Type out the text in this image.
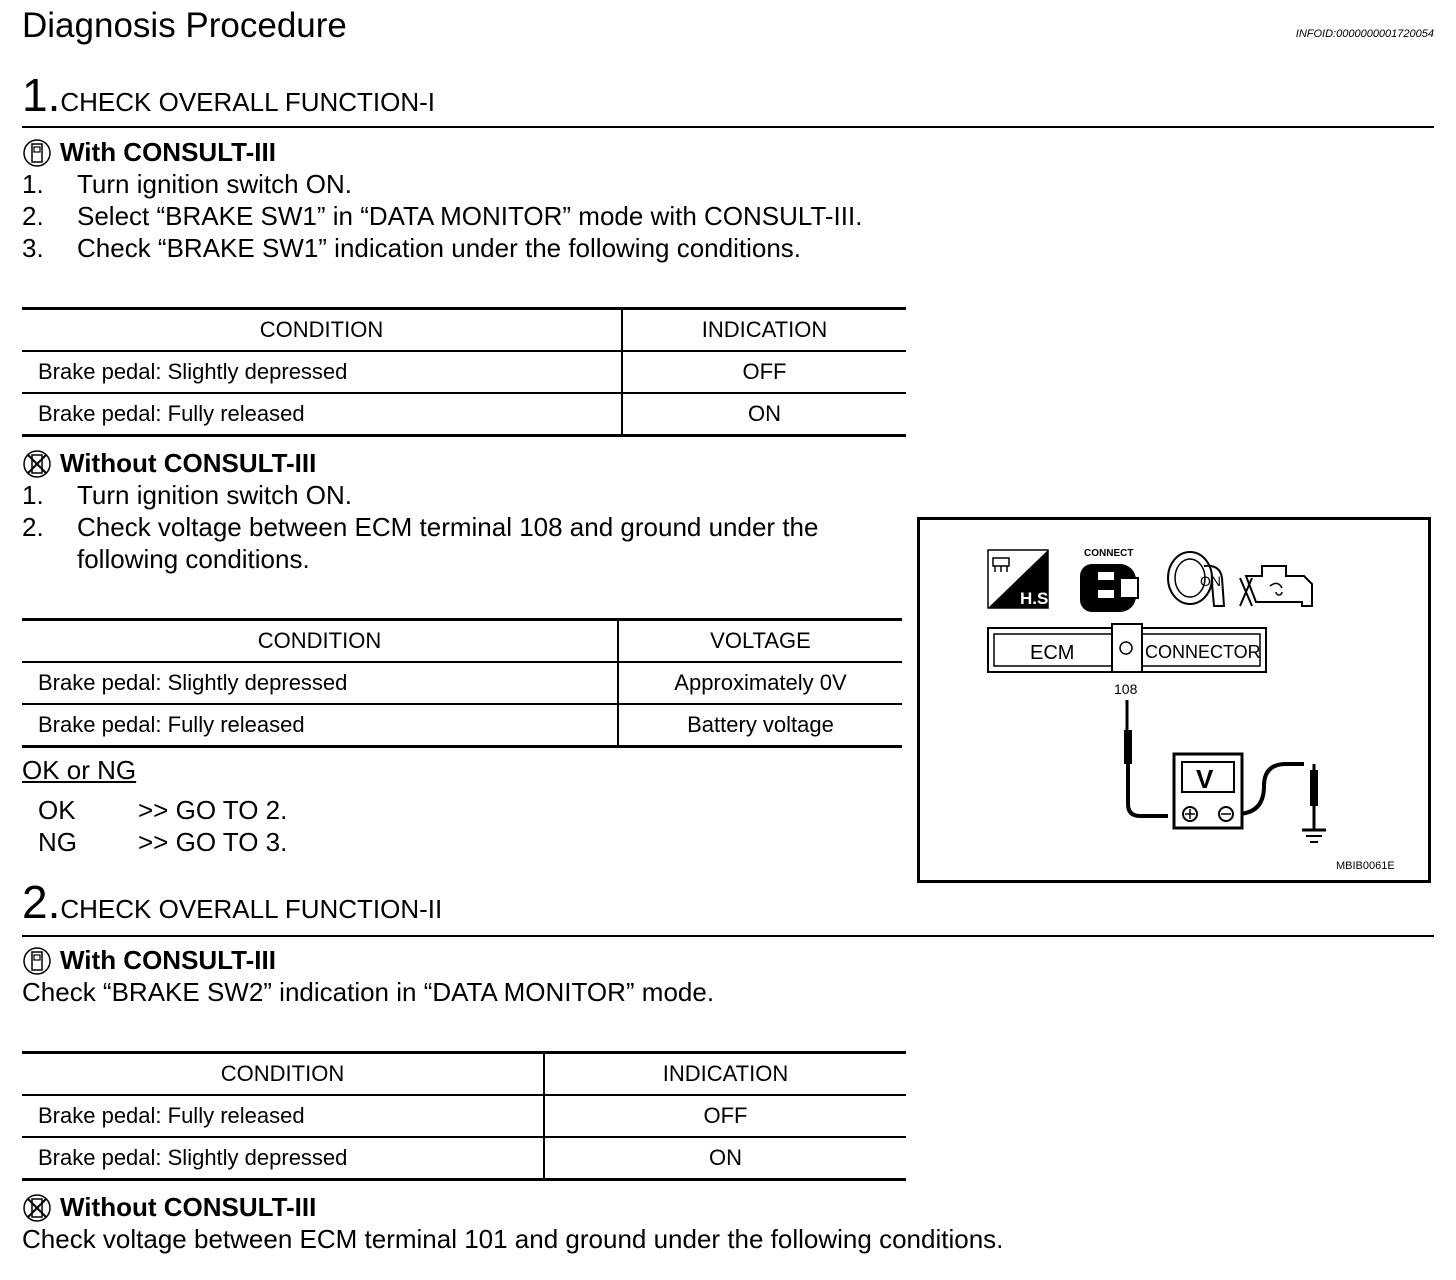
Diagnosis Procedure	INFOID:0000000001720054
1.CHECK OVERALL FUNCTION-I
With CONSULT-III
1. Turn ignition switch ON.
2. Select “BRAKE SW1” in “DATA MONITOR” mode with CONSULT-III.
3. Check “BRAKE SW1” indication under the following conditions.
CONDITION	INDICATION
Brake pedal: Slightly depressed	OFF
Brake pedal: Fully released	ON
Without CONSULT-III
1. Turn ignition switch ON.
2. Check voltage between ECM terminal 108 and ground under the
following conditions.
CONDITION	VOLTAGE
Brake pedal: Slightly depressed	Approximately 0V
Brake pedal: Fully released	Battery voltage
OK or NG
OK >> GO TO 2.
NG >> GO TO 3.
H.S.
CONNECT
ON
ECM	CONNECTOR
108
V
MBIB0061E
2.CHECK OVERALL FUNCTION-II
With CONSULT-III
Check “BRAKE SW2” indication in “DATA MONITOR” mode.
CONDITION	INDICATION
Brake pedal: Fully released	OFF
Brake pedal: Slightly depressed	ON
Without CONSULT-III
Check voltage between ECM terminal 101 and ground under the following conditions.
